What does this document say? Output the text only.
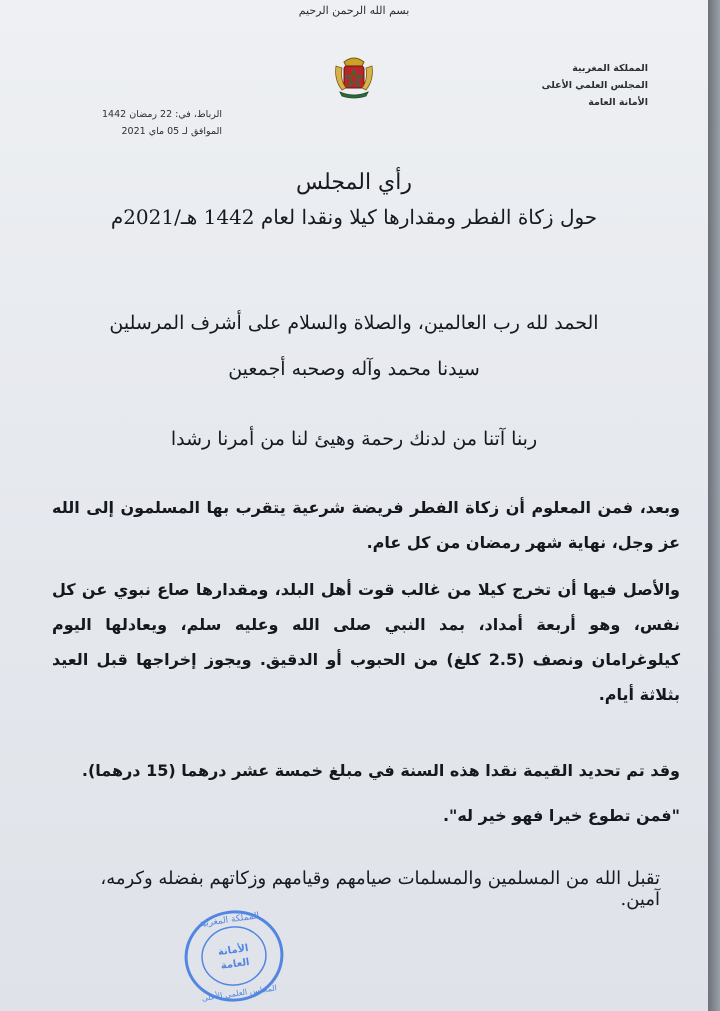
بسم الله الرحمن الرحيم
المملكة المغربية
المجلس العلمي الأعلى
الأمانة العامة
الرباط، في: 22 رمضان 1442
الموافق لـ 05 ماي 2021
رأي المجلس
حول زكاة الفطر ومقدارها كيلا ونقدا لعام 1442 هـ/2021م
الحمد لله رب العالمين، والصلاة والسلام على أشرف المرسلين
سيدنا محمد وآله وصحبه أجمعين
ربنا آتنا من لدنك رحمة وهيئ لنا من أمرنا رشدا
وبعد، فمن المعلوم أن زكاة الفطر فريضة شرعية يتقرب بها المسلمون إلى الله عز وجل، نهاية شهر رمضان من كل عام.
والأصل فيها أن تخرج كيلا من غالب قوت أهل البلد، ومقدارها صاع نبوي عن كل نفس، وهو أربعة أمداد، بمد النبي صلى الله وعليه سلم، ويعادلها اليوم كيلوغرامان ونصف (2.5 كلغ) من الحبوب أو الدقيق. ويجوز إخراجها قبل العيد بثلاثة أيام.
وقد تم تحديد القيمة نقدا هذه السنة في مبلغ خمسة عشر درهما (15 درهما).
"فمن تطوع خيرا فهو خير له".
تقبل الله من المسلمين والمسلمات صيامهم وقيامهم وزكاتهم بفضله وكرمه، آمين.
المملكة المغربية
الأمانة
العامة
المجلس العلمي الأعلى
